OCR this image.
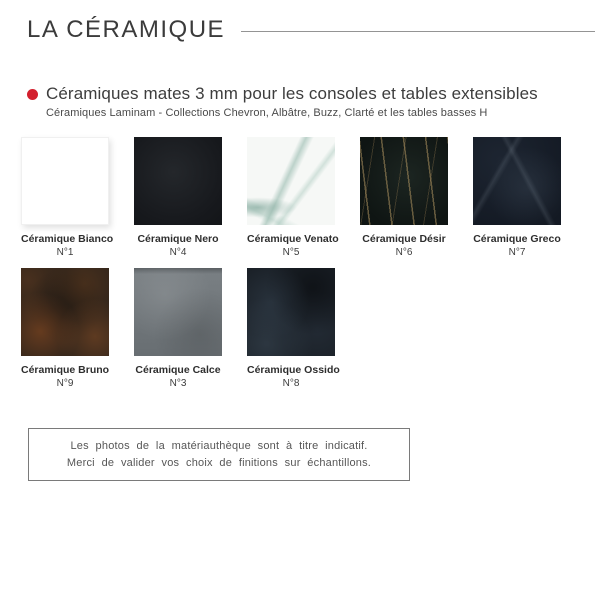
LA CÉRAMIQUE
Céramiques mates 3 mm pour les consoles et tables extensibles
Céramiques Laminam - Collections Chevron, Albâtre, Buzz, Clarté et les tables basses H
Céramique Bianco
N°1
Céramique Nero
N°4
Céramique Venato
N°5
Céramique Désir
N°6
Céramique Greco
N°7
Céramique Bruno
N°9
Céramique Calce
N°3
Céramique Ossido
N°8
Les photos de la matériauthèque sont à titre indicatif.
Merci de valider vos choix de finitions sur échantillons.
